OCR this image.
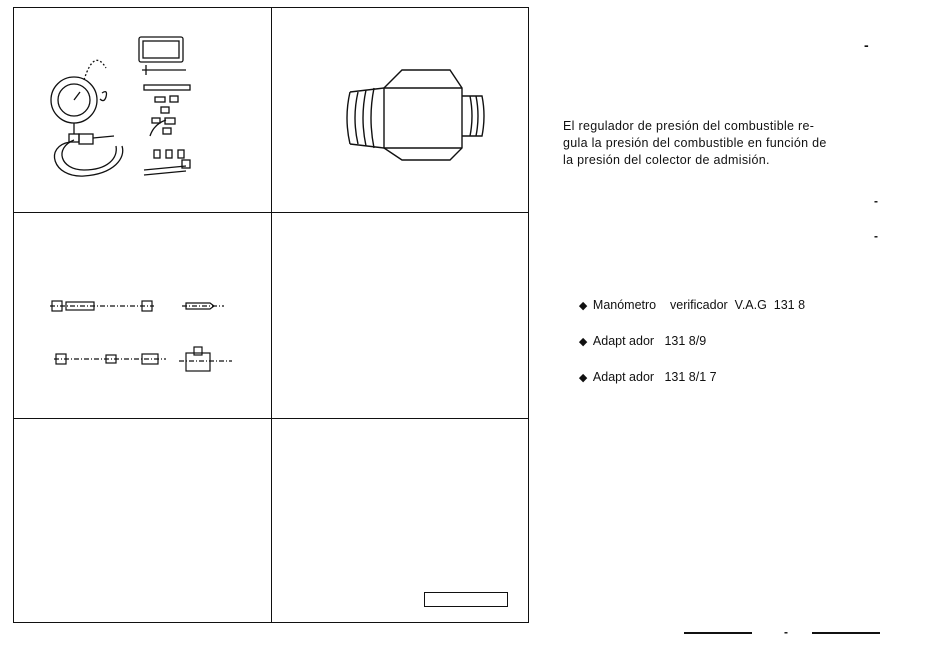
-
El regulador de presión del combustible re-
gula la presión del combustible en función de
la presión del colector de admisión.
-
-

◆ Manómetro    verificador  V.A.G  131 8

◆ Adapt ador   131 8/9

◆ Adapt ador   131 8/1 7

-
